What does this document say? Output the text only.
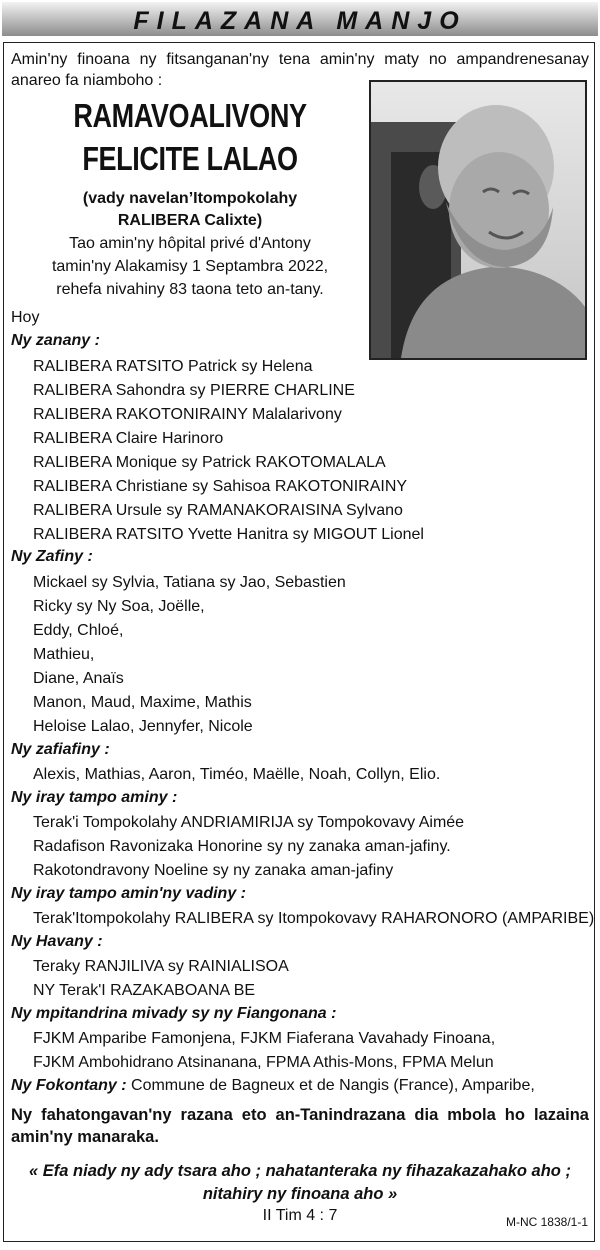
FILAZANA MANJO
Amin'ny finoana ny fitsanganan'ny tena amin'ny maty no ampandrenesanay anareo fa niamboho :
RAMAVOALIVONY
FELICITE LALAO
(vady navelan’Itompokolahy
RALIBERA Calixte)
Tao amin'ny hôpital privé d'Antony
tamin'ny Alakamisy 1 Septambra 2022,
rehefa nivahiny 83 taona teto an-tany.
Hoy
Ny zanany :
RALIBERA RATSITO Patrick sy Helena
RALIBERA Sahondra sy PIERRE CHARLINE
RALIBERA RAKOTONIRAINY Malalarivony
RALIBERA Claire Harinoro
RALIBERA Monique sy Patrick RAKOTOMALALA
RALIBERA Christiane sy Sahisoa RAKOTONIRAINY
RALIBERA Ursule sy RAMANAKORAISINA Sylvano
RALIBERA RATSITO Yvette Hanitra sy MIGOUT Lionel
Ny Zafiny :
Mickael sy Sylvia, Tatiana sy Jao, Sebastien
Ricky sy Ny Soa, Joëlle,
Eddy, Chloé,
Mathieu,
Diane, Anaïs
Manon, Maud, Maxime, Mathis
Heloise Lalao, Jennyfer, Nicole
Ny zafiafiny :
Alexis, Mathias, Aaron, Timéo, Maëlle, Noah, Collyn, Elio.
Ny iray tampo aminy :
Terak'i Tompokolahy ANDRIAMIRIJA sy Tompokovavy Aimée
Radafison Ravonizaka Honorine sy ny zanaka aman-jafiny.
Rakotondravony Noeline sy ny zanaka aman-jafiny
Ny iray tampo amin'ny vadiny :
Terak'Itompokolahy RALIBERA sy Itompokovavy RAHARONORO (AMPARIBE)
Ny Havany :
Teraky RANJILIVA sy RAINIALISOA
NY Terak'I RAZAKABOANA BE
Ny mpitandrina mivady sy ny Fiangonana :
FJKM Amparibe Famonjena, FJKM Fiaferana Vavahady Finoana,
FJKM Ambohidrano Atsinanana, FPMA Athis-Mons, FPMA Melun
Ny Fokontany : Commune de Bagneux et de Nangis (France), Amparibe,
Ny fahatongavan'ny razana eto an-Tanindrazana dia mbola ho lazaina amin'ny manaraka.
« Efa niady ny ady tsara aho ; nahatanteraka ny fihazakazahako aho ;
nitahiry ny finoana aho »
II Tim 4 : 7	M-NC 1838/1-1
